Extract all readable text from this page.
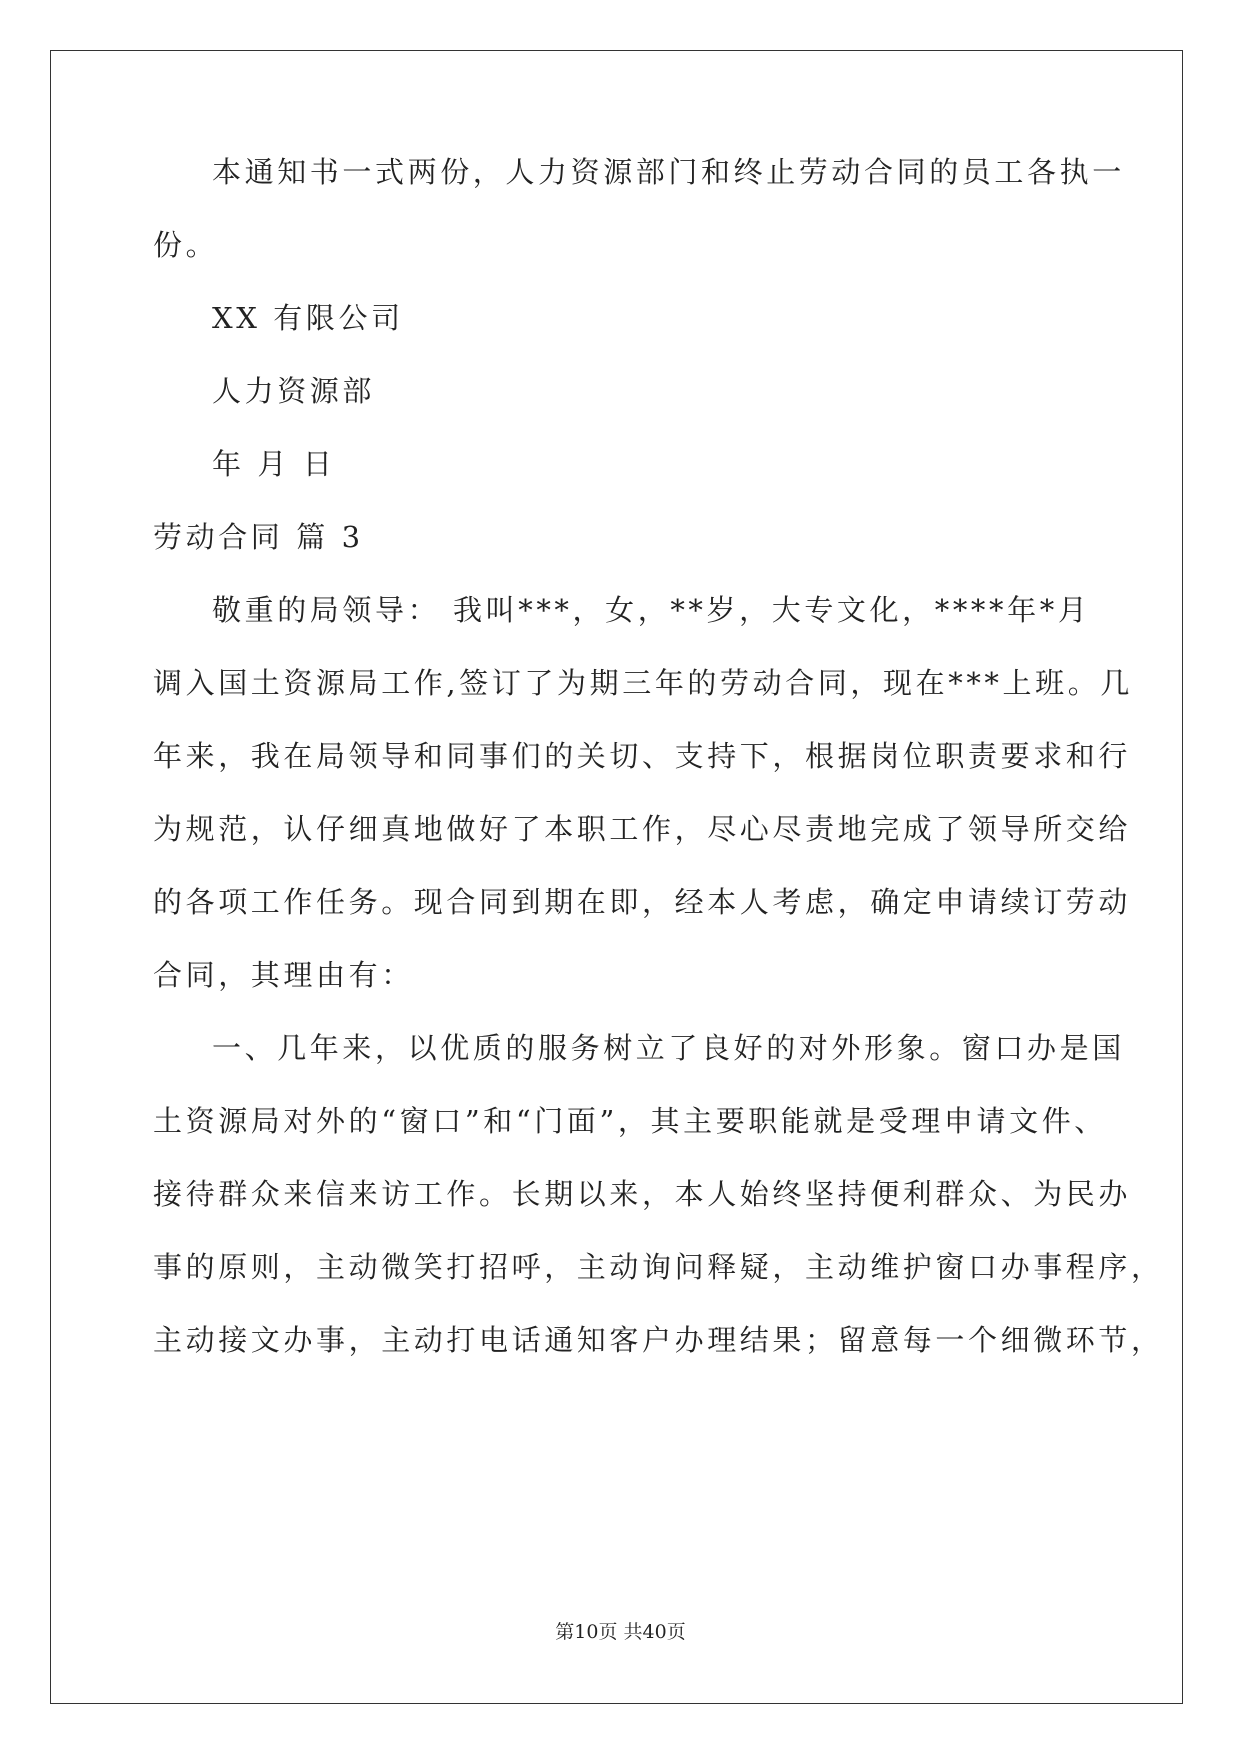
本通知书一式两份，人力资源部门和终止劳动合同的员工各执一
份。
XX 有限公司
人力资源部
年 月 日
劳动合同 篇 3
敬重的局领导： 我叫***，女，**岁，大专文化，****年*月
调入国土资源局工作,签订了为期三年的劳动合同，现在***上班。几
年来，我在局领导和同事们的关切、支持下，根据岗位职责要求和行
为规范，认仔细真地做好了本职工作，尽心尽责地完成了领导所交给
的各项工作任务。现合同到期在即，经本人考虑，确定申请续订劳动
合同，其理由有：
一、几年来，以优质的服务树立了良好的对外形象。窗口办是国
土资源局对外的“窗口”和“门面”，其主要职能就是受理申请文件、
接待群众来信来访工作。长期以来，本人始终坚持便利群众、为民办
事的原则，主动微笑打招呼，主动询问释疑，主动维护窗口办事程序，
主动接文办事，主动打电话通知客户办理结果；留意每一个细微环节，
第10页 共40页
